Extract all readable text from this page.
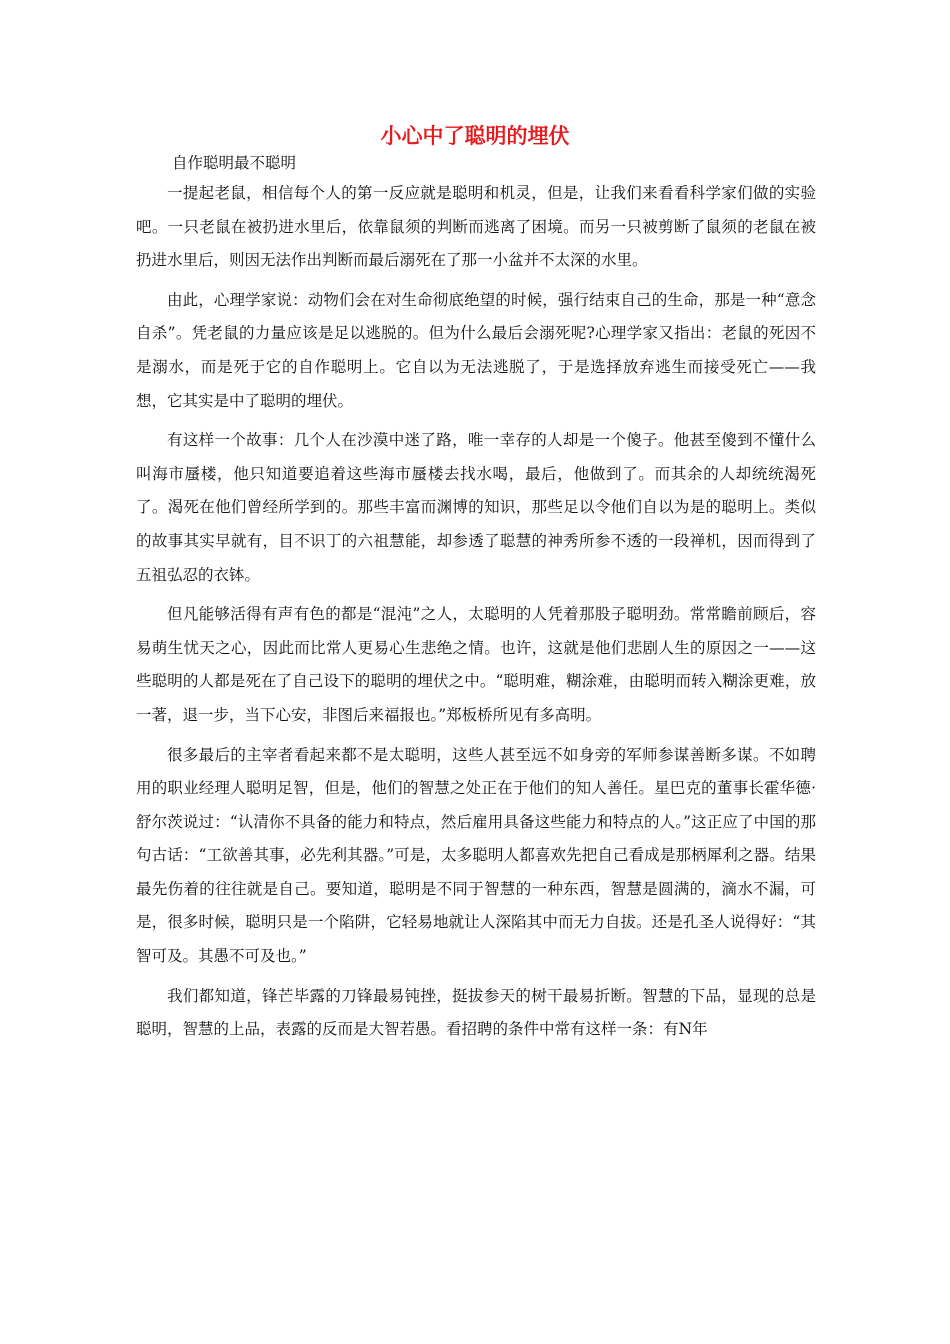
小心中了聪明的埋伏

自作聪明最不聪明

一提起老鼠，相信每个人的第一反应就是聪明和机灵，但是，让我们来看看科学家们做的实验吧。一只老鼠在被扔进水里后，依靠鼠须的判断而逃离了困境。而另一只被剪断了鼠须的老鼠在被扔进水里后，则因无法作出判断而最后溺死在了那一小盆并不太深的水里。

由此，心理学家说：动物们会在对生命彻底绝望的时候，强行结束自己的生命，那是一种“意念自杀”。凭老鼠的力量应该是足以逃脱的。但为什么最后会溺死呢?心理学家又指出：老鼠的死因不是溺水，而是死于它的自作聪明上。它自以为无法逃脱了，于是选择放弃逃生而接受死亡——我想，它其实是中了聪明的埋伏。

有这样一个故事：几个人在沙漠中迷了路，唯一幸存的人却是一个傻子。他甚至傻到不懂什么叫海市蜃楼，他只知道要追着这些海市蜃楼去找水喝，最后，他做到了。而其余的人却统统渴死了。渴死在他们曾经所学到的。那些丰富而渊博的知识，那些足以令他们自以为是的聪明上。类似的故事其实早就有，目不识丁的六祖慧能，却参透了聪慧的神秀所参不透的一段禅机，因而得到了五祖弘忍的衣钵。

但凡能够活得有声有色的都是“混沌”之人，太聪明的人凭着那股子聪明劲。常常瞻前顾后，容易萌生忧天之心，因此而比常人更易心生悲绝之情。也许，这就是他们悲剧人生的原因之一——这些聪明的人都是死在了自己设下的聪明的埋伏之中。“聪明难，糊涂难，由聪明而转入糊涂更难，放一著，退一步，当下心安，非图后来福报也。”郑板桥所见有多高明。

很多最后的主宰者看起来都不是太聪明，这些人甚至远不如身旁的军师参谋善断多谋。不如聘用的职业经理人聪明足智，但是，他们的智慧之处正在于他们的知人善任。星巴克的董事长霍华德·舒尔茨说过：“认清你不具备的能力和特点，然后雇用具备这些能力和特点的人。”这正应了中国的那句古话：“工欲善其事，必先利其器。”可是，太多聪明人都喜欢先把自己看成是那柄犀利之器。结果最先伤着的往往就是自己。要知道，聪明是不同于智慧的一种东西，智慧是圆满的，滴水不漏，可是，很多时候，聪明只是一个陷阱，它轻易地就让人深陷其中而无力自拔。还是孔圣人说得好：“其智可及。其愚不可及也。”

我们都知道，锋芒毕露的刀锋最易钝挫，挺拔参天的树干最易折断。智慧的下品，显现的总是聪明，智慧的上品，表露的反而是大智若愚。看招聘的条件中常有这样一条：有N年
